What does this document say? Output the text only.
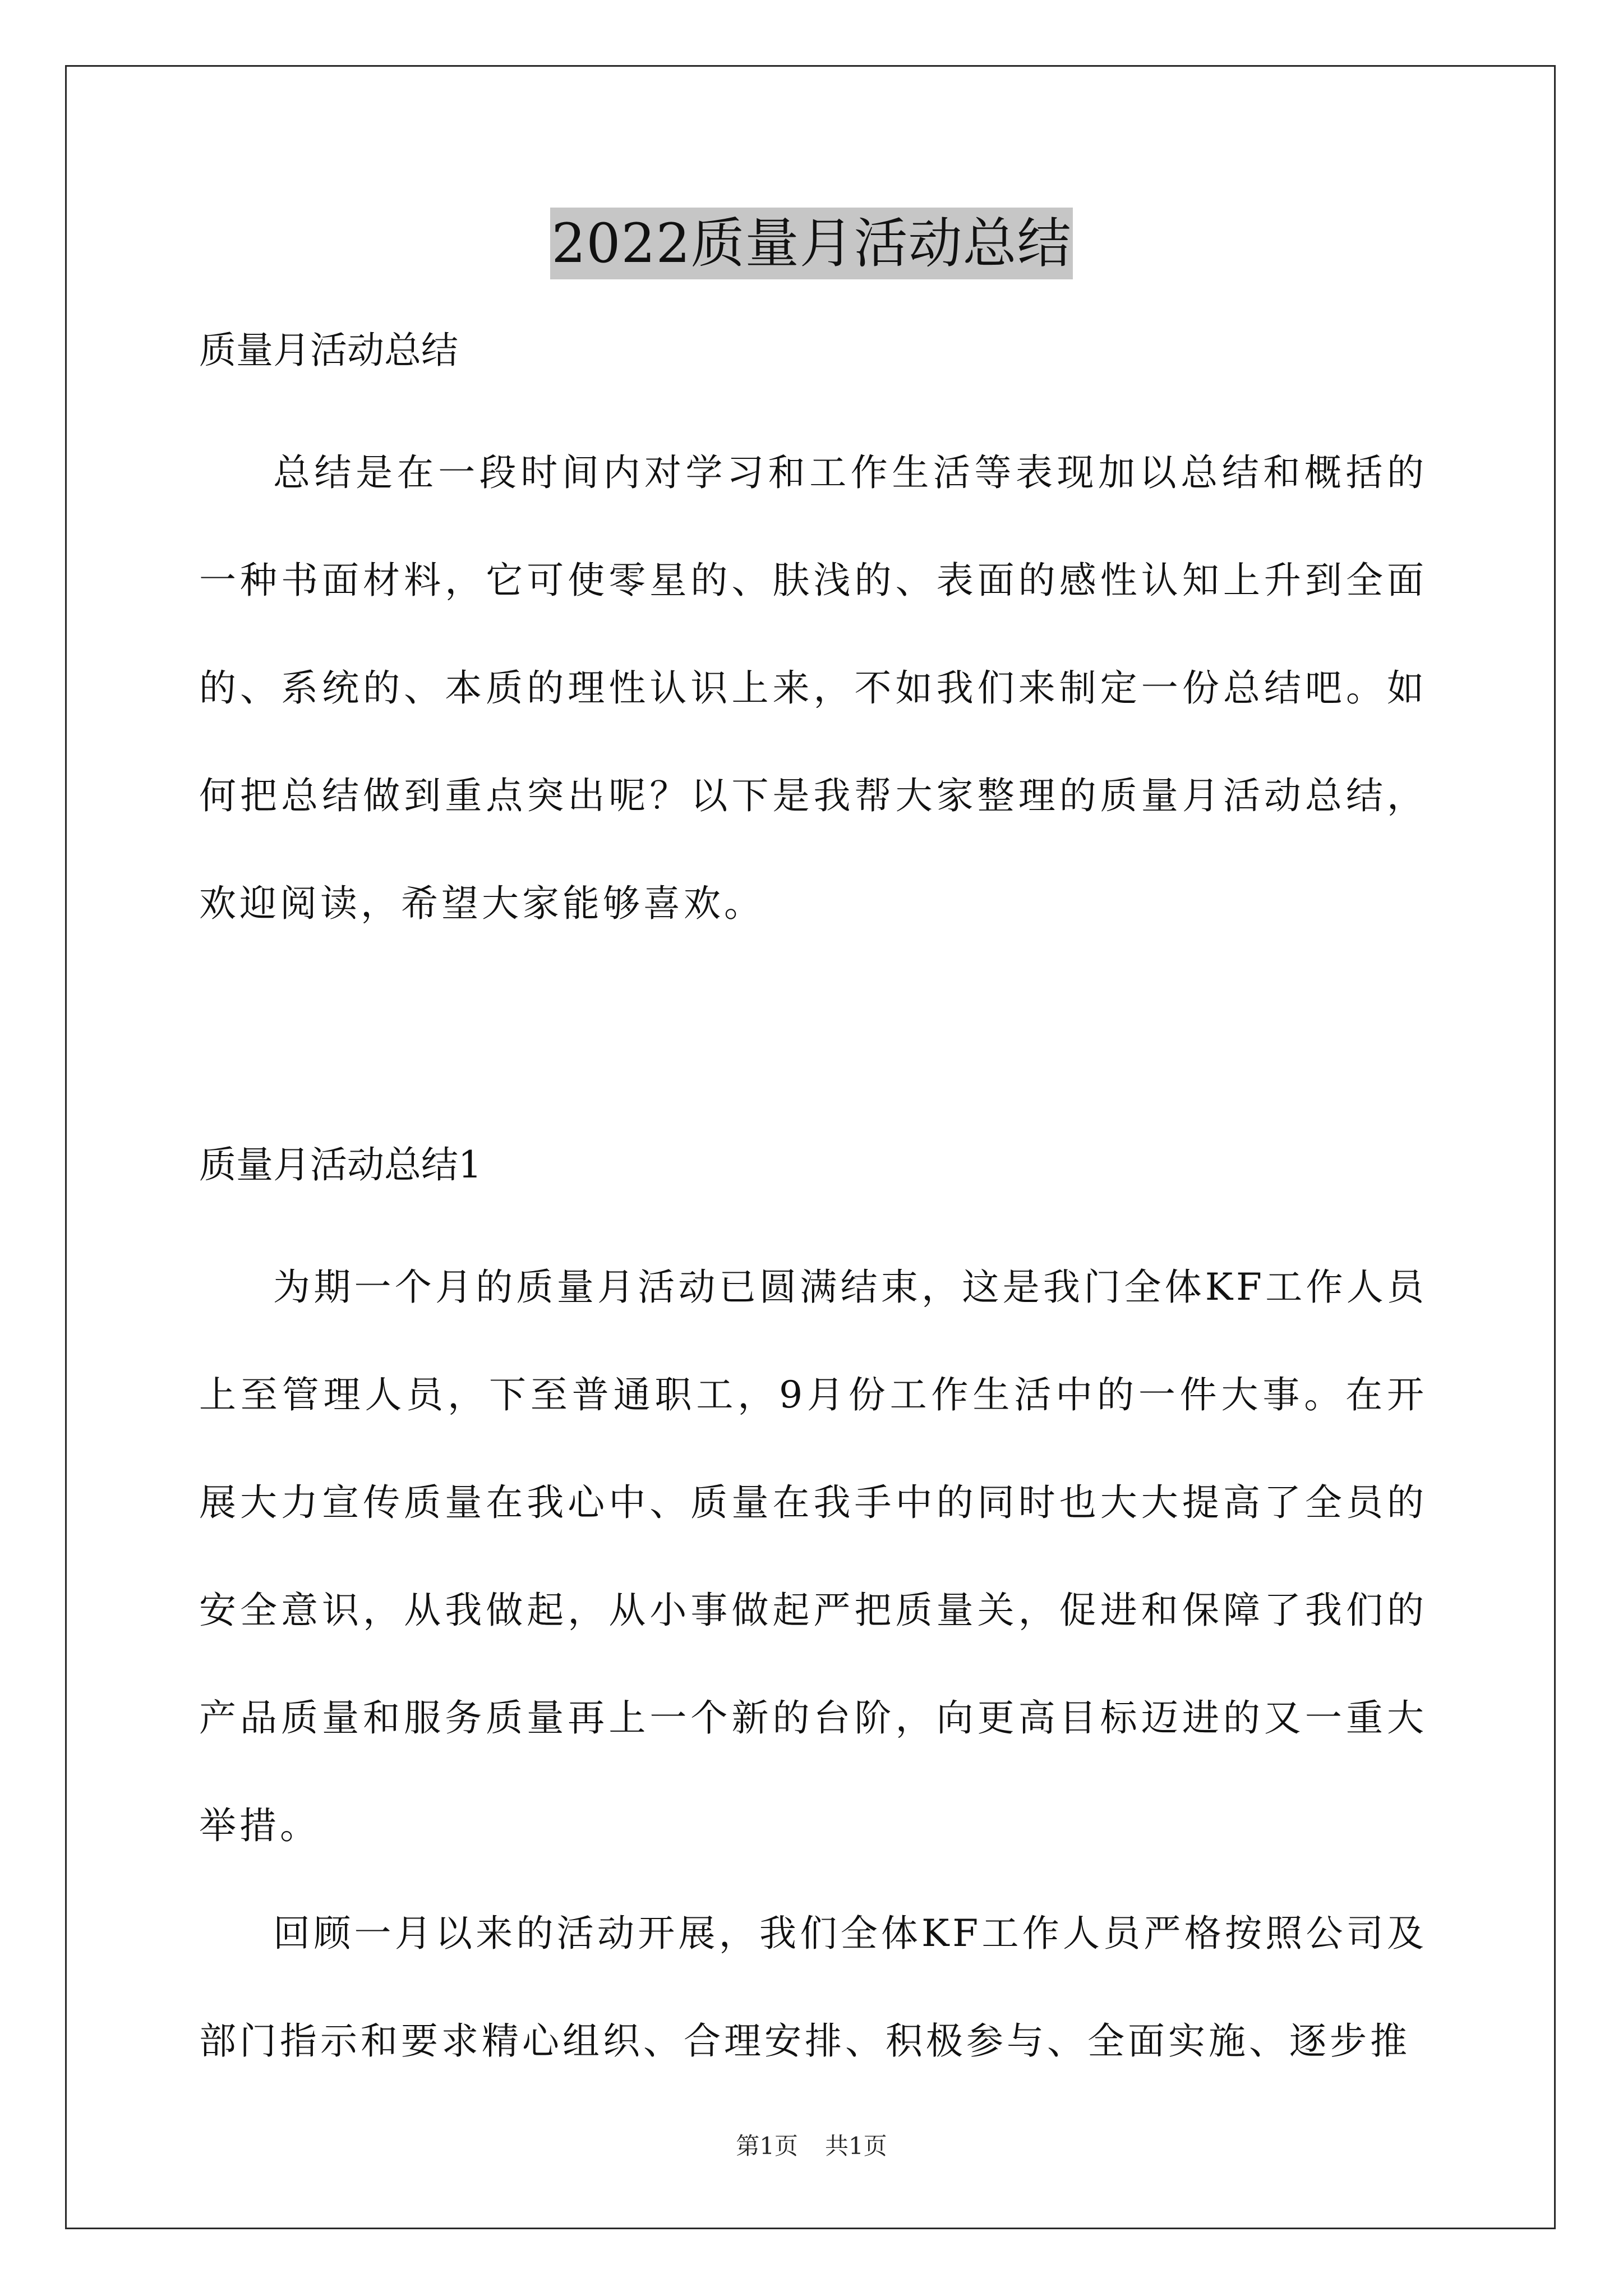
2022质量月活动总结

质量月活动总结

总结是在一段时间内对学习和工作生活等表现加以总结和概括的一种书面材料，它可使零星的、肤浅的、表面的感性认知上升到全面的、系统的、本质的理性认识上来，不如我们来制定一份总结吧。如何把总结做到重点突出呢？以下是我帮大家整理的质量月活动总结，欢迎阅读，希望大家能够喜欢。

质量月活动总结1

为期一个月的质量月活动已圆满结束，这是我门全体KF工作人员上至管理人员，下至普通职工，9月份工作生活中的一件大事。在开展大力宣传质量在我心中、质量在我手中的同时也大大提高了全员的安全意识，从我做起，从小事做起严把质量关，促进和保障了我们的产品质量和服务质量再上一个新的台阶，向更高目标迈进的又一重大举措。

回顾一月以来的活动开展，我们全体KF工作人员严格按照公司及部门指示和要求精心组织、合理安排、积极参与、全面实施、逐步推

第1页 共1页
